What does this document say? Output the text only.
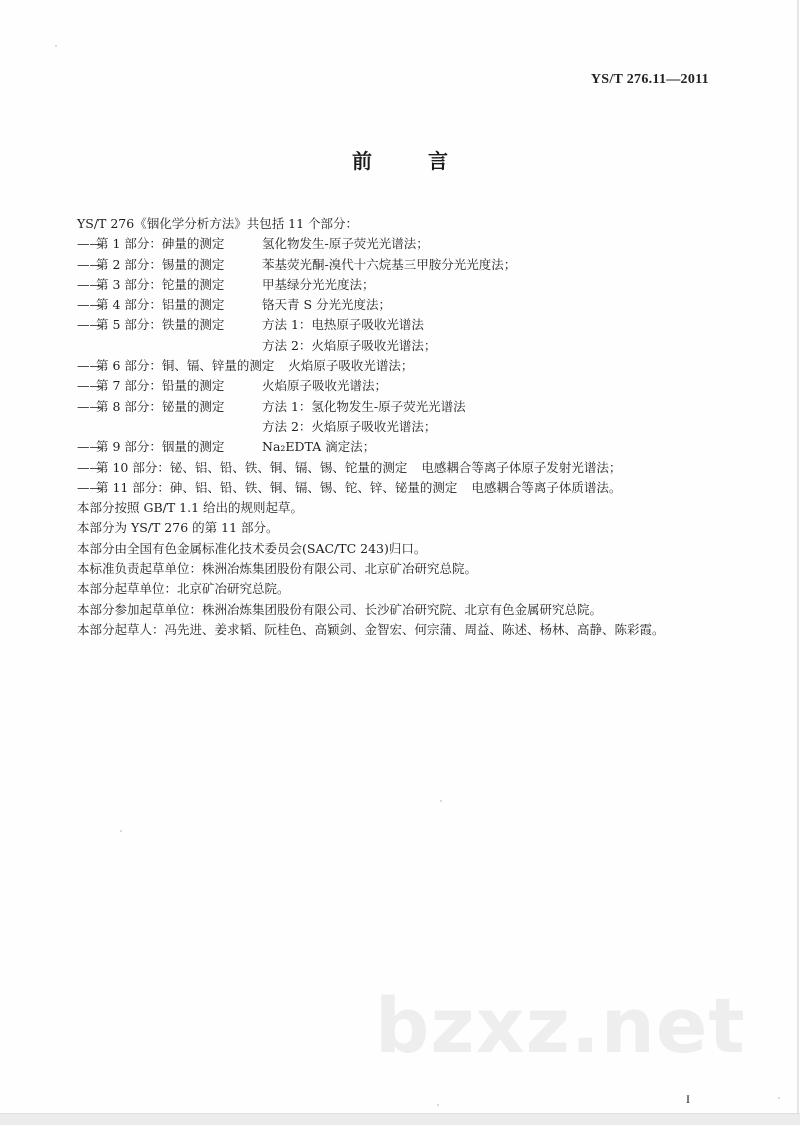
YS/T 276.11—2011
前	言
YS/T 276《铟化学分析方法》共包括 11 个部分：
——第 1 部分：砷量的测定	氢化物发生-原子荧光光谱法；
——第 2 部分：锡量的测定	苯基荧光酮-溴代十六烷基三甲胺分光光度法；
——第 3 部分：铊量的测定	甲基绿分光光度法；
——第 4 部分：铝量的测定	铬天青 S 分光光度法；
——第 5 部分：铁量的测定	方法 1：电热原子吸收光谱法
方法 2：火焰原子吸收光谱法；
——第 6 部分：铜、镉、锌量的测定 火焰原子吸收光谱法；
——第 7 部分：铅量的测定	火焰原子吸收光谱法；
——第 8 部分：铋量的测定	方法 1：氢化物发生-原子荧光光谱法
方法 2：火焰原子吸收光谱法；
——第 9 部分：铟量的测定	Na₂EDTA 滴定法；
——第 10 部分：铋、铝、铅、铁、铜、镉、锡、铊量的测定 电感耦合等离子体原子发射光谱法；
——第 11 部分：砷、铝、铅、铁、铜、镉、锡、铊、锌、铋量的测定 电感耦合等离子体质谱法。
本部分按照 GB/T 1.1 给出的规则起草。
本部分为 YS/T 276 的第 11 部分。
本部分由全国有色金属标准化技术委员会(SAC/TC 243)归口。
本标准负责起草单位：株洲冶炼集团股份有限公司、北京矿冶研究总院。
本部分起草单位：北京矿冶研究总院。
本部分参加起草单位：株洲冶炼集团股份有限公司、长沙矿冶研究院、北京有色金属研究总院。
本部分起草人：冯先进、姜求韬、阮桂色、高颖剑、金智宏、何宗蒲、周益、陈述、杨林、高静、陈彩霞。
bzxz.net
I
